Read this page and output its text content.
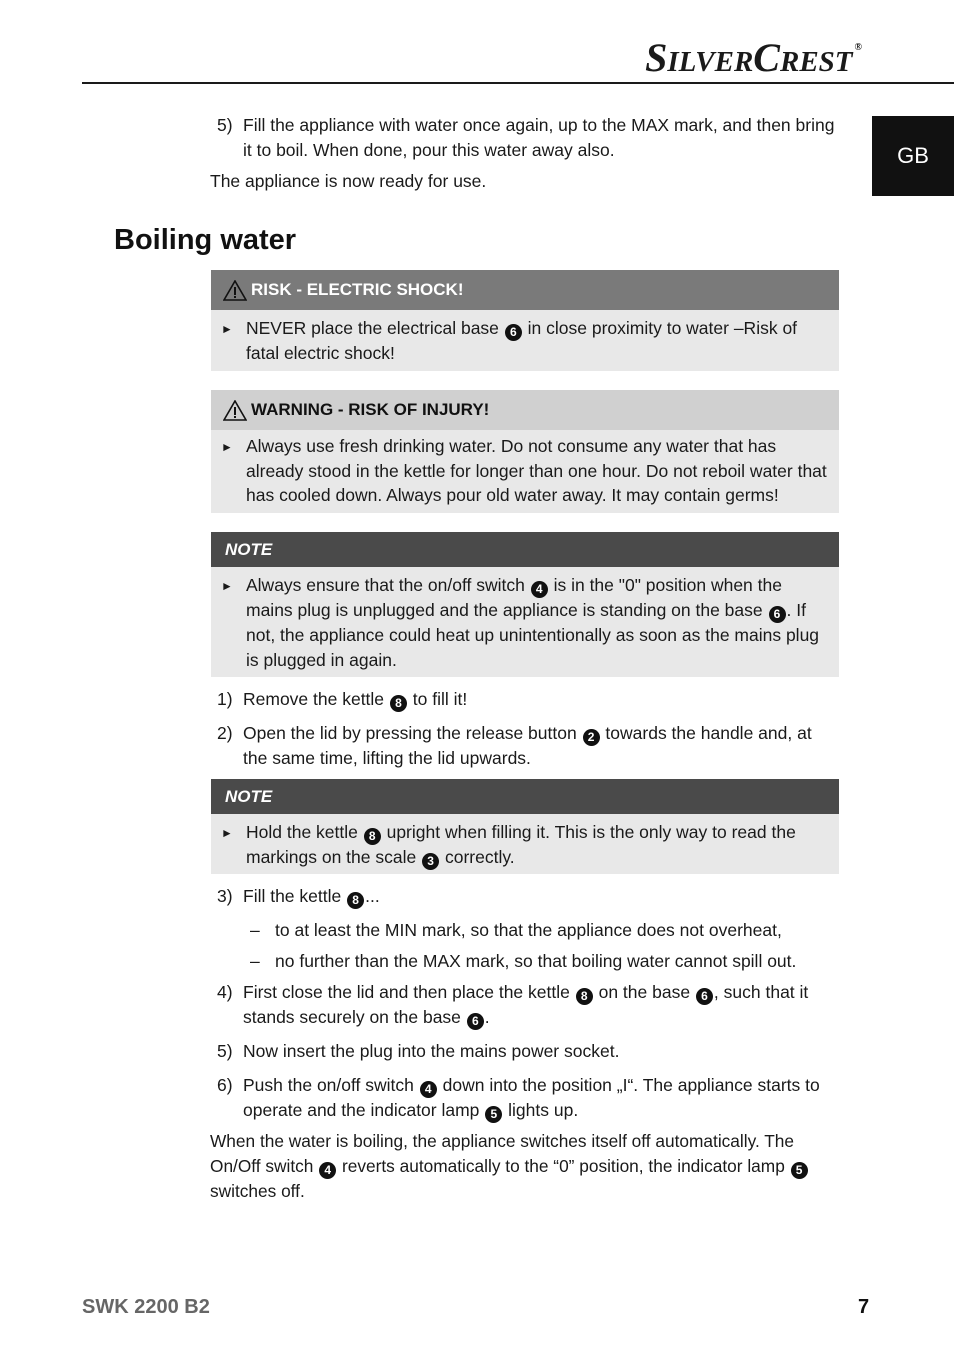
SILVERCREST ®
GB
5) Fill the appliance with water once again, up to the MAX mark, and then bring it to boil. When done, pour this water away also.
The appliance is now ready for use.
Boiling water
RISK - ELECTRIC SHOCK!
► NEVER place the electrical base 6 in close proximity to water –Risk of fatal electric shock!
WARNING - RISK OF INJURY!
► Always use fresh drinking water. Do not consume any water that has already stood in the kettle for longer than one hour. Do not reboil water that has cooled down. Always pour old water away. It may contain germs!
NOTE
► Always ensure that the on/off switch 4 is in the "0" position when the mains plug is unplugged and the appliance is standing on the base 6 . If not, the appliance could heat up unintentionally as soon as the mains plug is plugged in again.
1) Remove the kettle 8 to fill it!
2) Open the lid by pressing the release button 2 towards the handle and, at the same time, lifting the lid upwards.
NOTE
► Hold the kettle 8 upright when filling it. This is the only way to read the markings on the scale 3 correctly.
3) Fill the kettle 8 ...
– to at least the MIN mark, so that the appliance does not overheat,
– no further than the MAX mark, so that boiling water cannot spill out.
4) First close the lid and then place the kettle 8 on the base 6 , such that it stands securely on the base 6 .
5) Now insert the plug into the mains power socket.
6) Push the on/off switch 4 down into the position „I“. The appliance starts to operate and the indicator lamp 5 lights up.
When the water is boiling, the appliance switches itself off automatically. The On/Off switch 4 reverts automatically to the “0” position, the indicator lamp 5 switches off.
SWK 2200 B2	7
